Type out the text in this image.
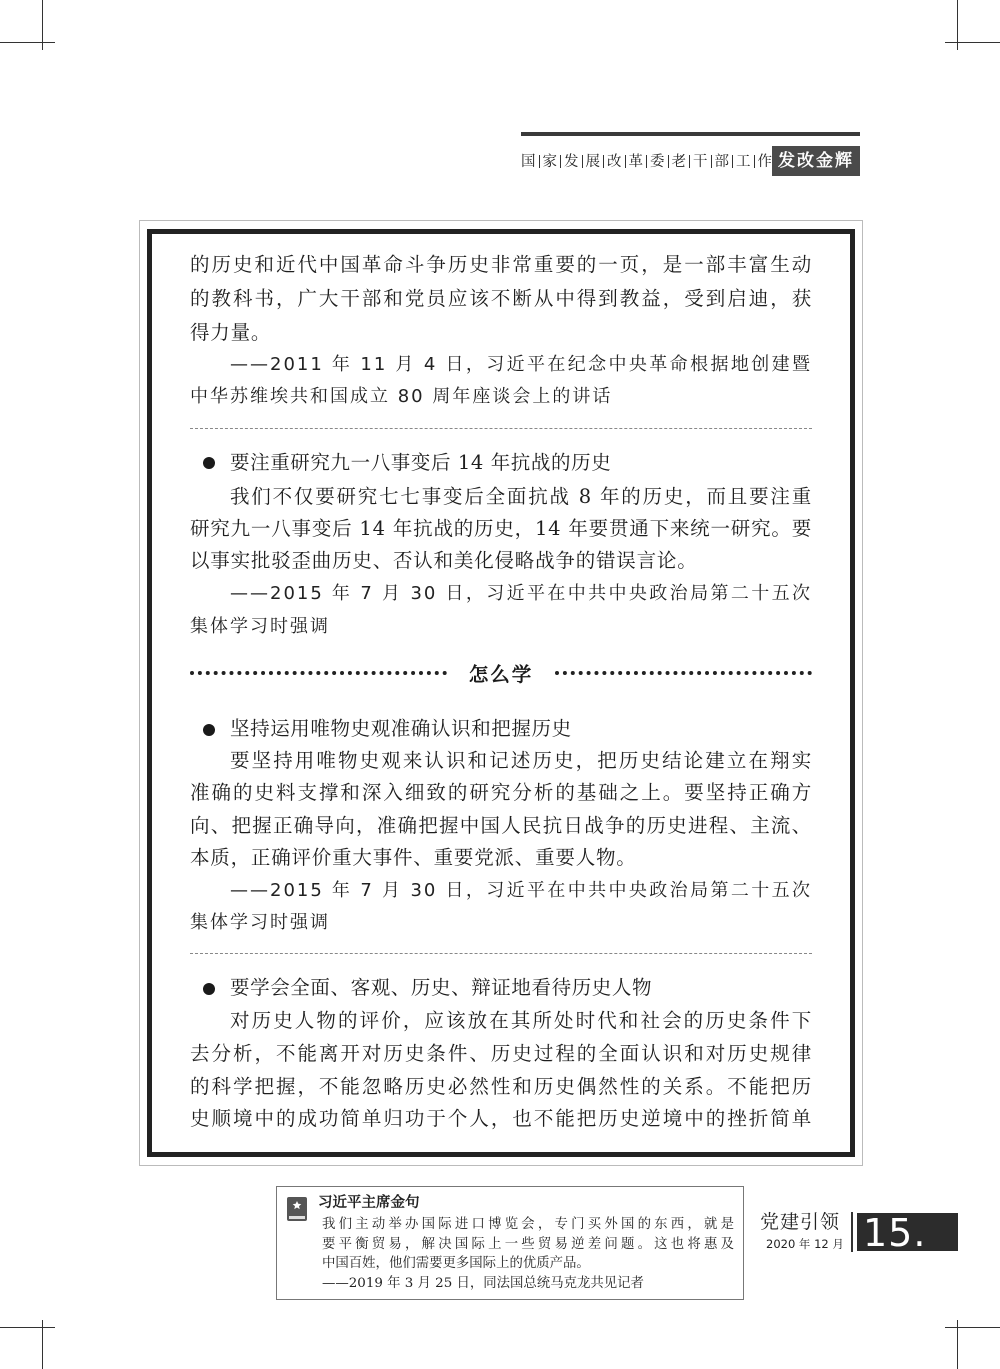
国 家 发 展 改 革 委 老 干 部 工 作 发改金辉
的历史和近代中国革命斗争历史非常重要的一页，是一部丰富生动
的教科书，广大干部和党员应该不断从中得到教益，受到启迪，获
得力量。
——2011 年 11 月 4 日，习近平在纪念中央革命根据地创建暨
中华苏维埃共和国成立 80 周年座谈会上的讲话
要注重研究九一八事变后 14 年抗战的历史
我们不仅要研究七七事变后全面抗战 8 年的历史，而且要注重
研究九一八事变后 14 年抗战的历史，14 年要贯通下来统一研究。要
以事实批驳歪曲历史、否认和美化侵略战争的错误言论。
——2015 年 7 月 30 日，习近平在中共中央政治局第二十五次
集体学习时强调
怎么学
坚持运用唯物史观准确认识和把握历史
要坚持用唯物史观来认识和记述历史，把历史结论建立在翔实
准确的史料支撑和深入细致的研究分析的基础之上。要坚持正确方
向、把握正确导向，准确把握中国人民抗日战争的历史进程、主流、
本质，正确评价重大事件、重要党派、重要人物。
——2015 年 7 月 30 日，习近平在中共中央政治局第二十五次
集体学习时强调
要学会全面、客观、历史、辩证地看待历史人物
对历史人物的评价，应该放在其所处时代和社会的历史条件下
去分析，不能离开对历史条件、历史过程的全面认识和对历史规律
的科学把握，不能忽略历史必然性和历史偶然性的关系。不能把历
史顺境中的成功简单归功于个人，也不能把历史逆境中的挫折简单
习近平主席金句
我们主动举办国际进口博览会，专门买外国的东西，就是
要平衡贸易，解决国际上一些贸易逆差问题。这也将惠及
中国百姓，他们需要更多国际上的优质产品。
——2019 年 3 月 25 日，同法国总统马克龙共见记者
党建引领
2020 年 12 月 15.
